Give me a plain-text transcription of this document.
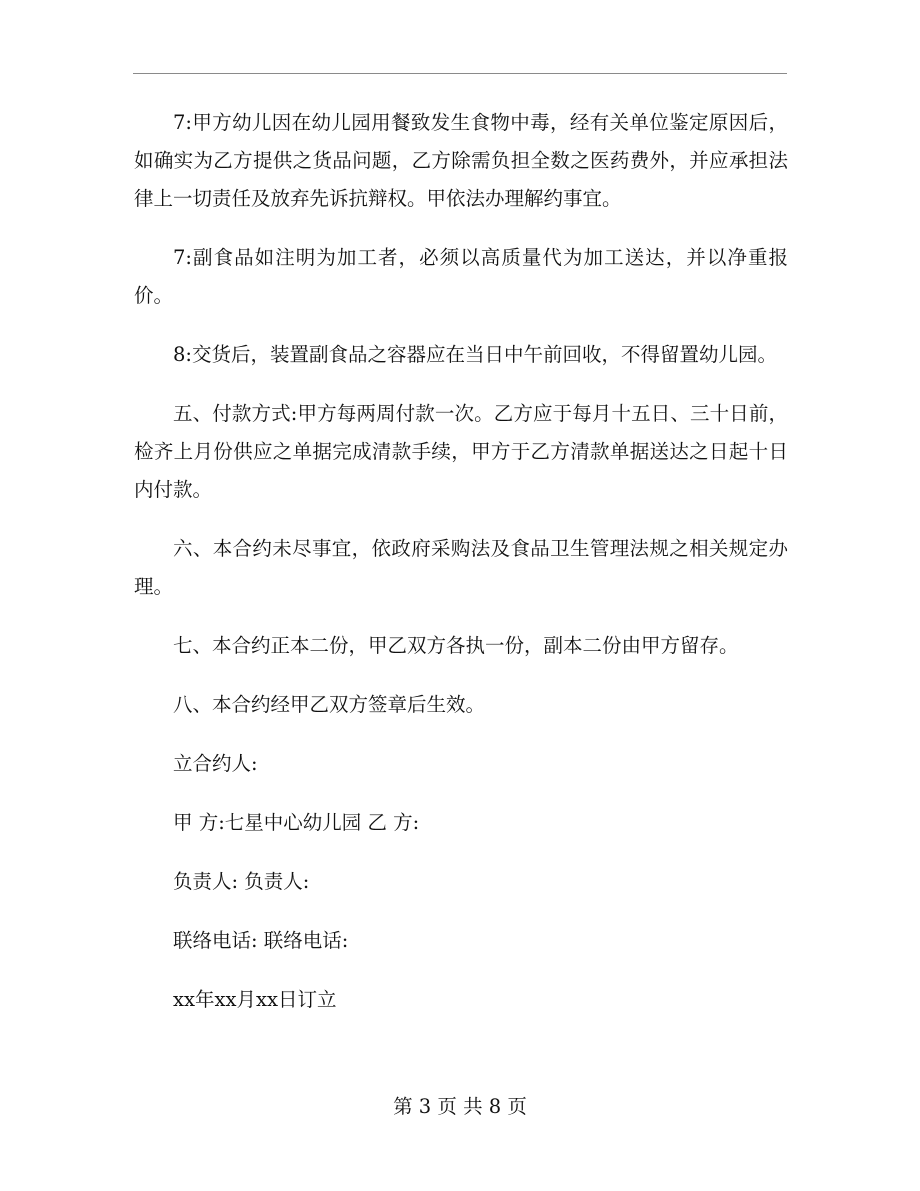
7:甲方幼儿因在幼儿园用餐致发生食物中毒，经有关单位鉴定原因后，如确实为乙方提供之货品问题，乙方除需负担全数之医药费外，并应承担法律上一切责任及放弃先诉抗辩权。甲依法办理解约事宜。

7:副食品如注明为加工者，必须以高质量代为加工送达，并以净重报价。

8:交货后，装置副食品之容器应在当日中午前回收，不得留置幼儿园。

五、付款方式:甲方每两周付款一次。乙方应于每月十五日、三十日前，检齐上月份供应之单据完成清款手续，甲方于乙方清款单据送达之日起十日内付款。

六、本合约未尽事宜，依政府采购法及食品卫生管理法规之相关规定办理。

七、本合约正本二份，甲乙双方各执一份，副本二份由甲方留存。

八、本合约经甲乙双方签章后生效。

立合约人:

甲 方:七星中心幼儿园 乙 方:

负责人: 负责人:

联络电话: 联络电话:

xx年xx月xx日订立

第 3 页 共 8 页
